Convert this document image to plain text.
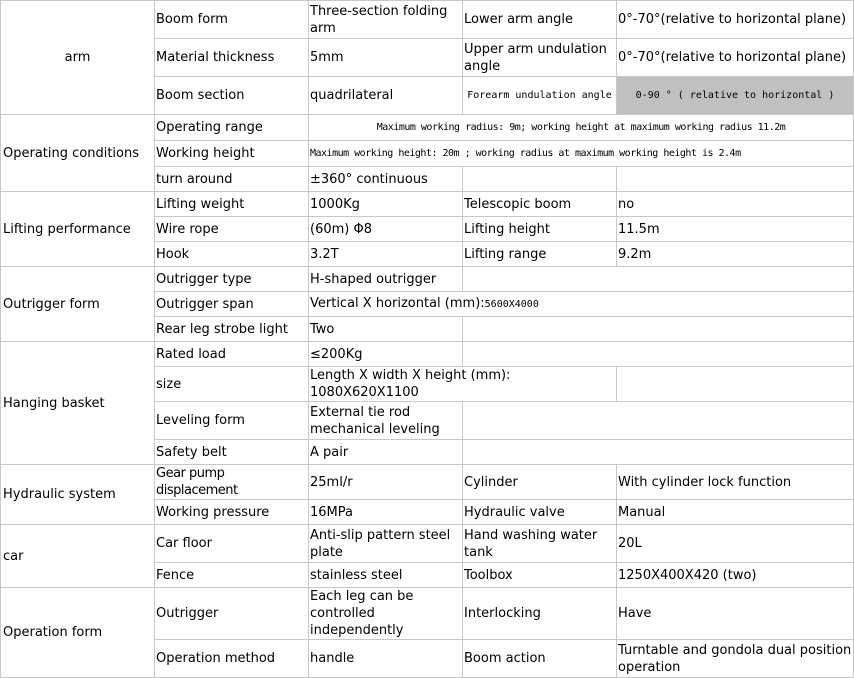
arm	Boom form	Three-section folding arm	Lower arm angle	0°-70°(relative to horizontal plane)
	Material thickness	5mm	Upper arm undulation angle	0°-70°(relative to horizontal plane)
	Boom section	quadrilateral	Forearm undulation angle	0-90 ° ( relative to horizontal )
Operating conditions	Operating range	Maximum working radius: 9m; working height at maximum working radius 11.2m		
	Working height	Maximum working height: 20m ; working radius at maximum working height is 2.4m		
	turn around	±360° continuous		
Lifting performance	Lifting weight	1000Kg	Telescopic boom	no
	Wire rope	(60m) Φ8	Lifting height	11.5m
	Hook	3.2T	Lifting range	9.2m
Outrigger form	Outrigger type	H-shaped outrigger		
	Outrigger span	Vertical X horizontal (mm):5600X4000		
	Rear leg strobe light	Two		
Hanging basket	Rated load	≤200Kg		
	size	Length X width X height (mm): 1080X620X1100		
	Leveling form	External tie rod mechanical leveling		
	Safety belt	A pair		
Hydraulic system	Gear pump displacement	25ml/r	Cylinder	With cylinder lock function
	Working pressure	16MPa	Hydraulic valve	Manual
car	Car floor	Anti-slip pattern steel plate	Hand washing water tank	20L
	Fence	stainless steel	Toolbox	1250X400X420 (two)
Operation form	Outrigger	Each leg can be controlled independently	Interlocking	Have
	Operation method	handle	Boom action	Turntable and gondola dual position operation
